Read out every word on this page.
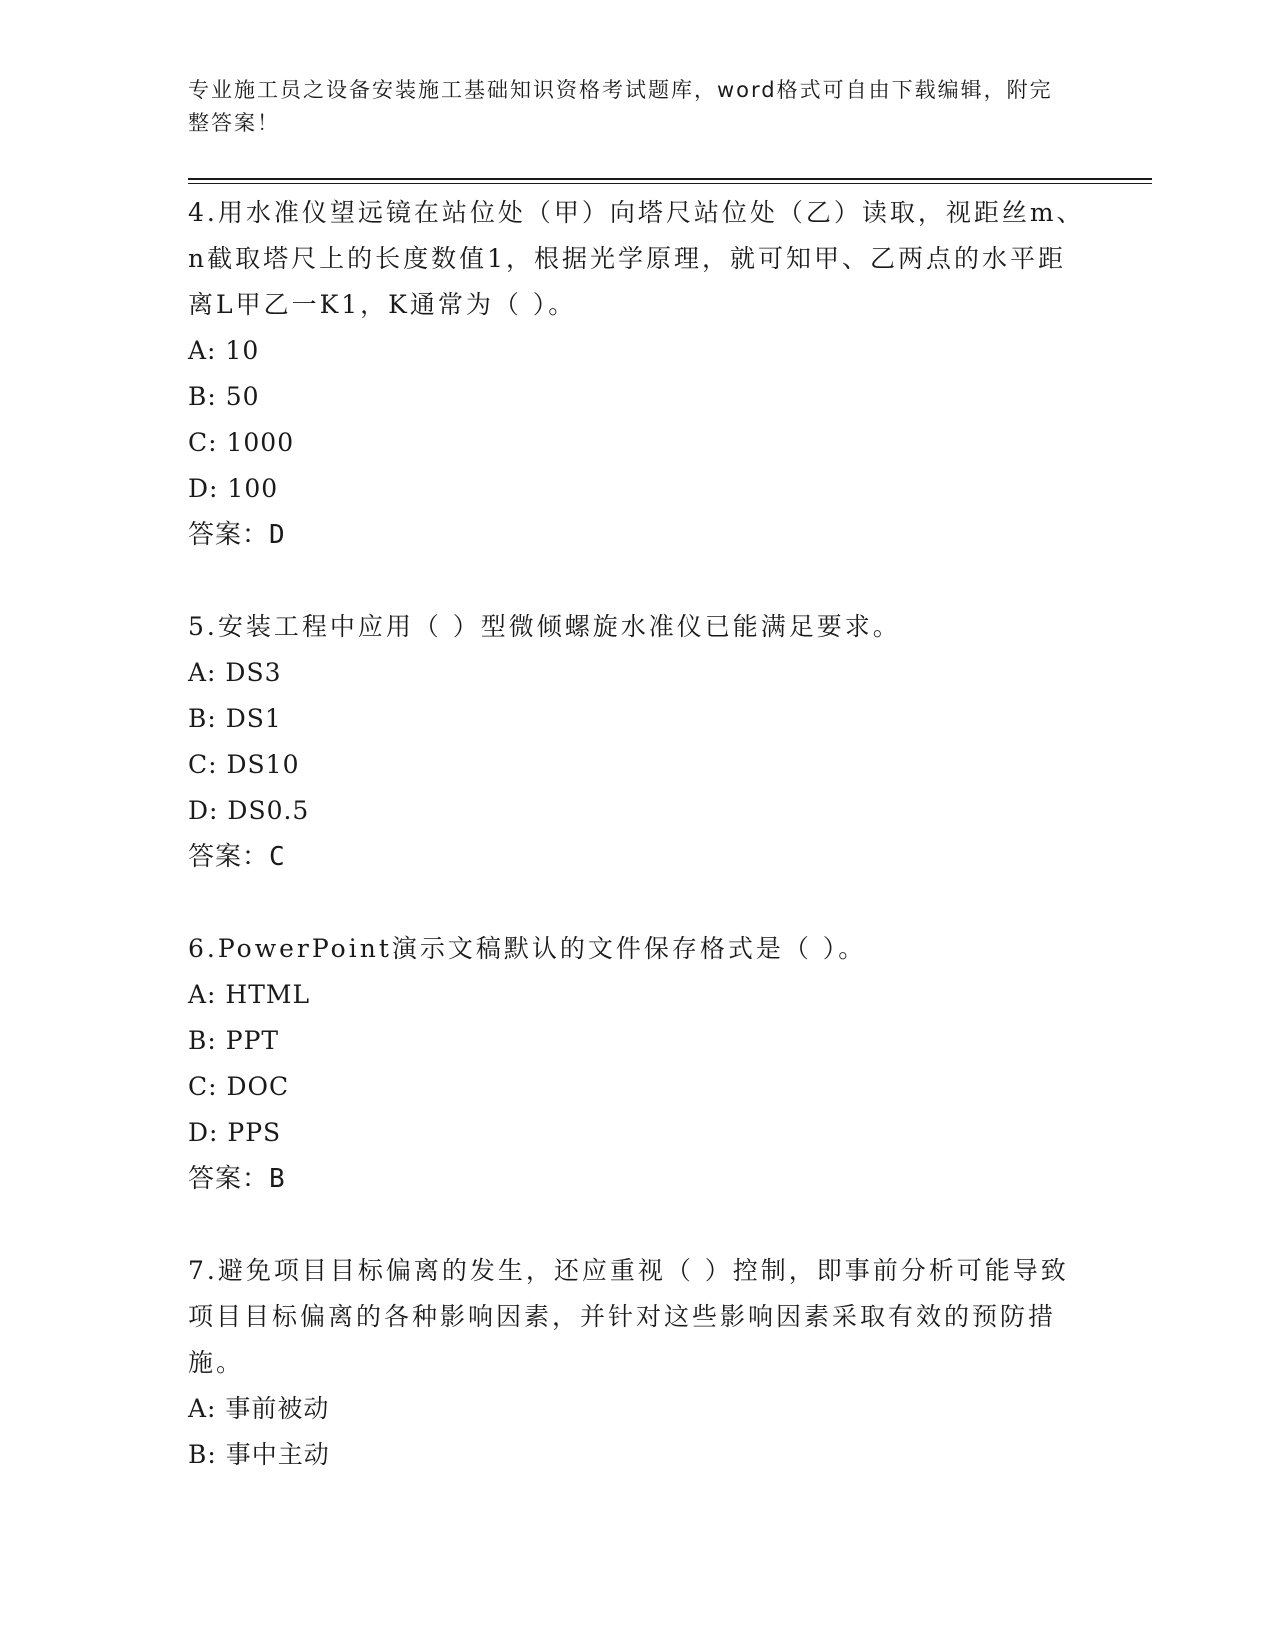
专业施工员之设备安装施工基础知识资格考试题库，word格式可自由下载编辑，附完整答案！

4.用水准仪望远镜在站位处（甲）向塔尺站位处（乙）读取，视距丝m、n截取塔尺上的长度数值1，根据光学原理，就可知甲、乙两点的水平距离L甲乙一K1，K通常为（ ）。

A: 10

B: 50

C: 1000

D: 100

答案：D

5.安装工程中应用（ ）型微倾螺旋水准仪已能满足要求。

A: DS3

B: DS1

C: DS10

D: DS0.5

答案：C

6.PowerPoint演示文稿默认的文件保存格式是（ ）。

A: HTML

B: PPT

C: DOC

D: PPS

答案：B

7.避免项目目标偏离的发生，还应重视（ ）控制，即事前分析可能导致项目目标偏离的各种影响因素，并针对这些影响因素采取有效的预防措施。

A: 事前被动

B: 事中主动
